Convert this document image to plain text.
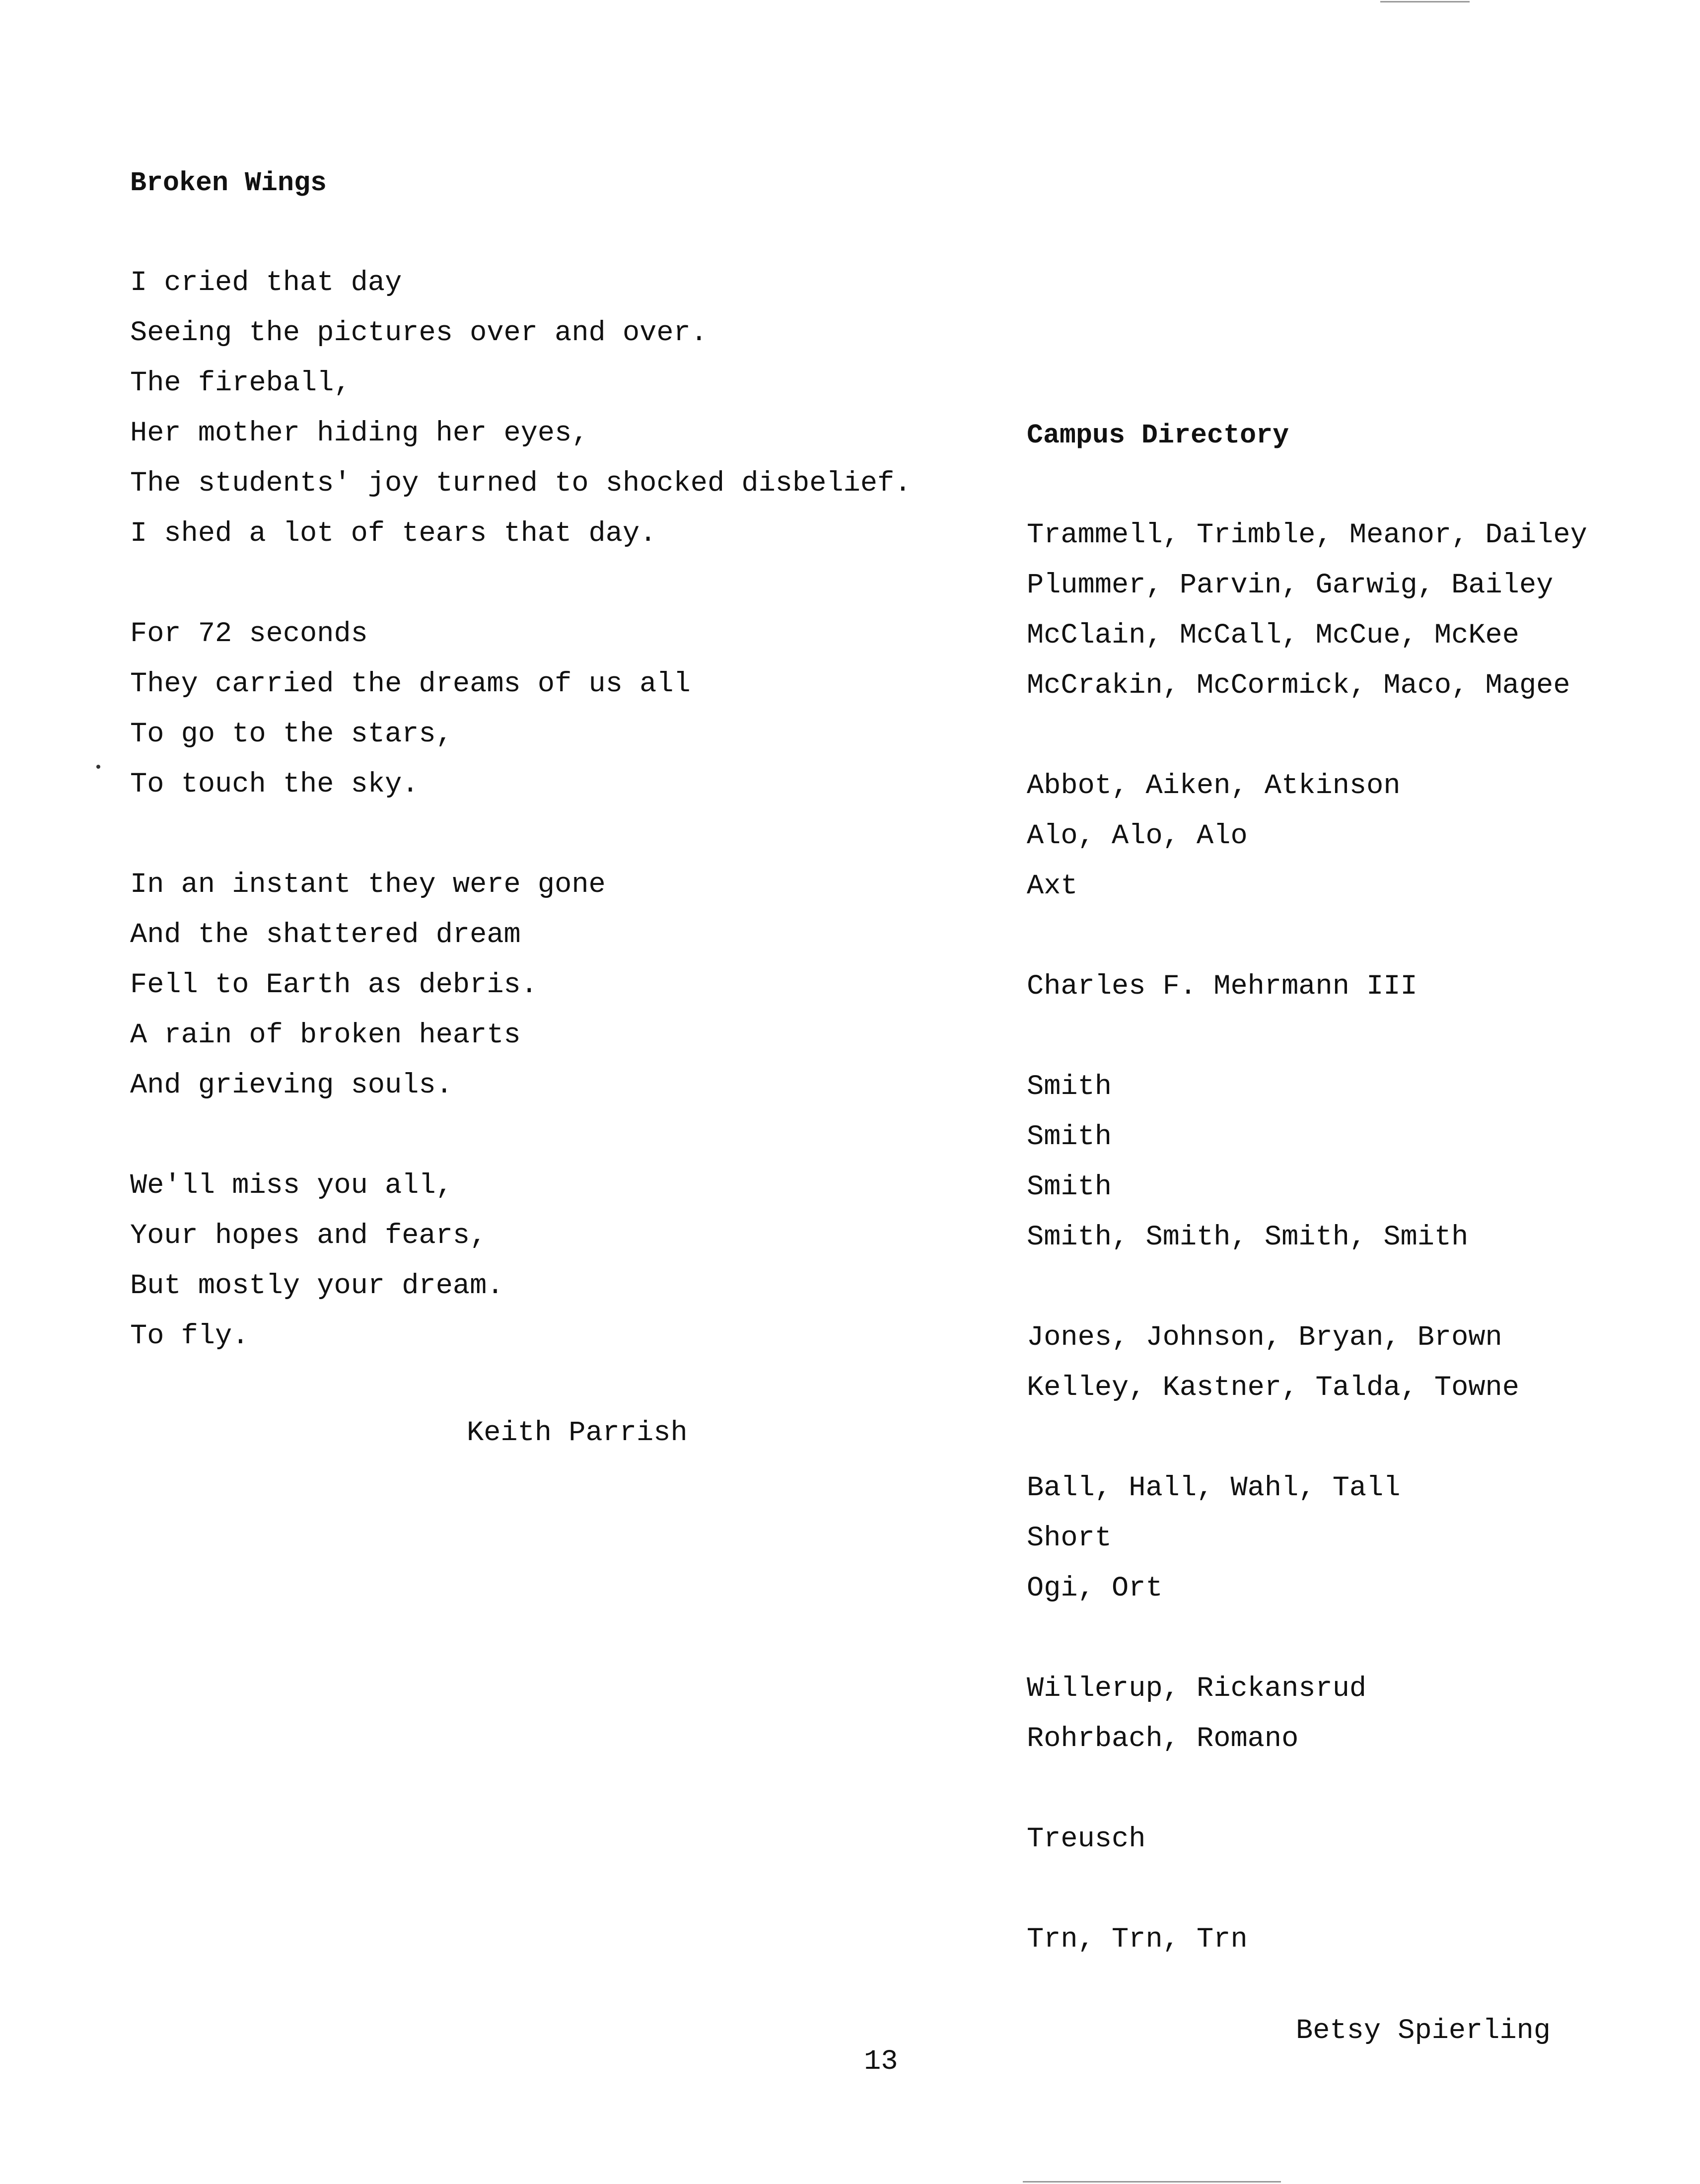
Broken Wings
I cried that day
Seeing the pictures over and over.
The fireball,
Her mother hiding her eyes,
The students' joy turned to shocked disbelief.
I shed a lot of tears that day.
For 72 seconds
They carried the dreams of us all
To go to the stars,
To touch the sky.
In an instant they were gone
And the shattered dream
Fell to Earth as debris.
A rain of broken hearts
And grieving souls.
We'll miss you all,
Your hopes and fears,
But mostly your dream.
To fly.
Keith Parrish
Campus Directory
Trammell, Trimble, Meanor, Dailey
Plummer, Parvin, Garwig, Bailey
McClain, McCall, McCue, McKee
McCrakin, McCormick, Maco, Magee
Abbot, Aiken, Atkinson
Alo, Alo, Alo
Axt
Charles F. Mehrmann III
Smith
Smith
Smith
Smith, Smith, Smith, Smith
Jones, Johnson, Bryan, Brown
Kelley, Kastner, Talda, Towne
Ball, Hall, Wahl, Tall
Short
Ogi, Ort
Willerup, Rickansrud
Rohrbach, Romano
Treusch
Trn, Trn, Trn
Betsy Spierling
13
